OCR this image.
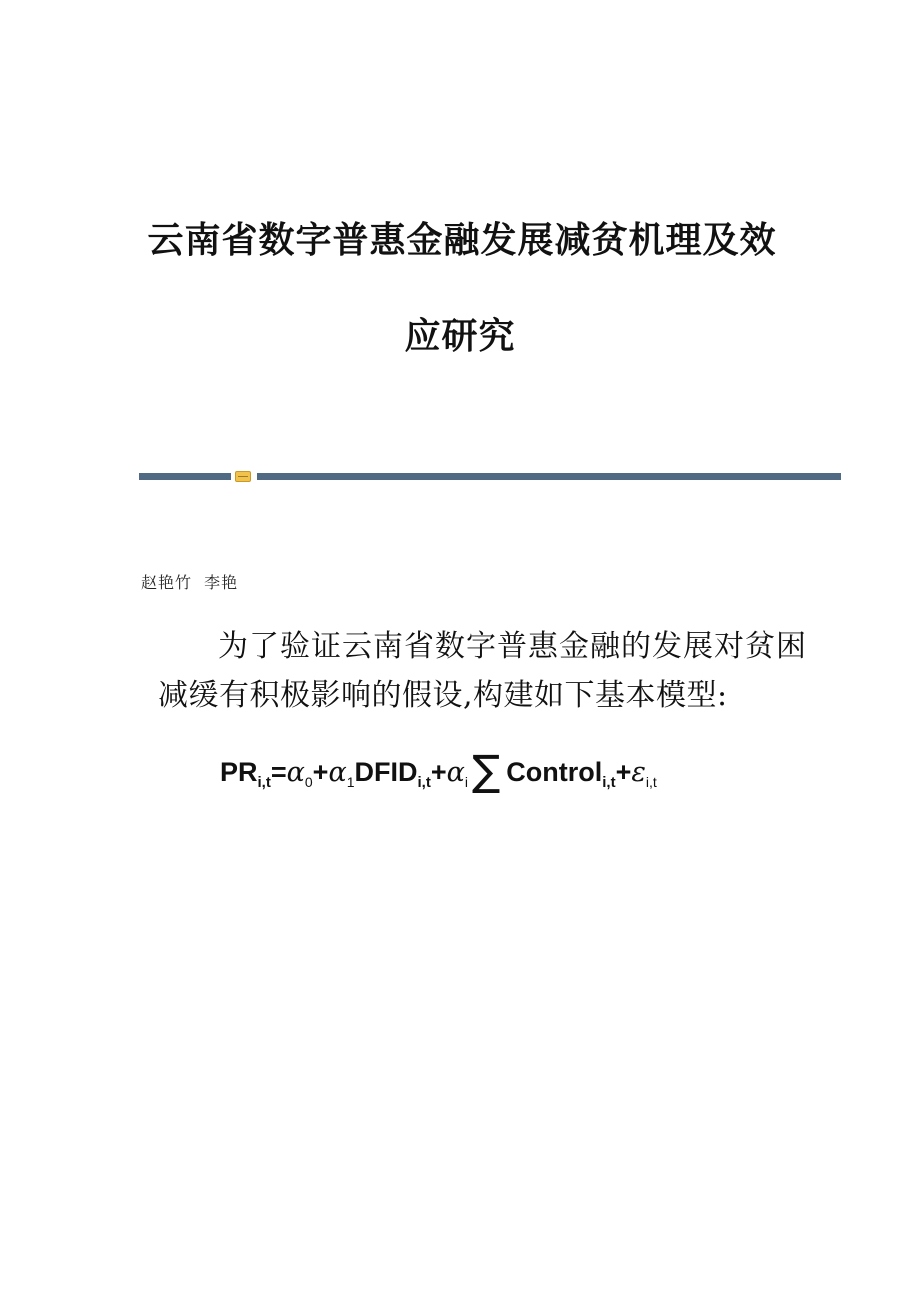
云南省数字普惠金融发展减贫机理及效
应研究
赵艳竹  李艳
为了验证云南省数字普惠金融的发展对贫困
减缓有积极影响的假设,构建如下基本模型:
PR i,t = α 0 + α 1 DFID i,t + α i ∑ Control i,t + ε i,t
